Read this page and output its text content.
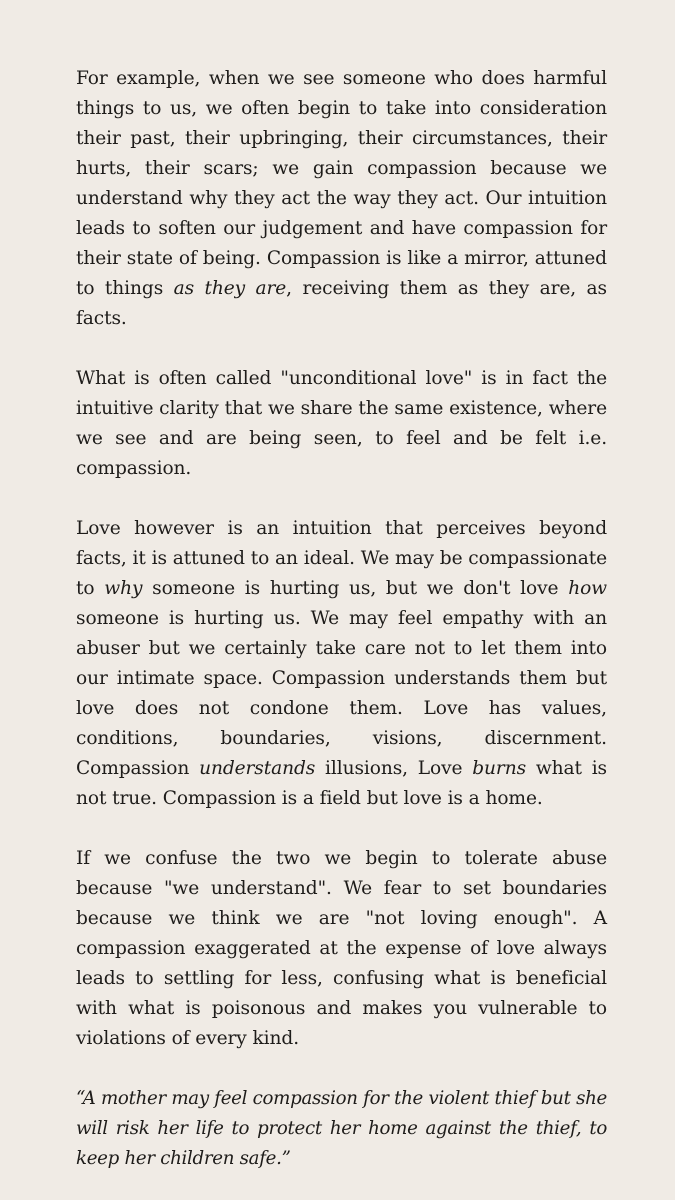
For example, when we see someone who does harmful things to us, we often begin to take into consideration their past, their upbringing, their circumstances, their hurts, their scars; we gain compassion because we understand why they act the way they act. Our intuition leads to soften our judgement and have compassion for their state of being. Compassion is like a mirror, attuned to things as they are, receiving them as they are, as facts.

What is often called "unconditional love" is in fact the intuitive clarity that we share the same existence, where we see and are being seen, to feel and be felt i.e. compassion.

Love however is an intuition that perceives beyond facts, it is attuned to an ideal. We may be compassionate to why someone is hurting us, but we don't love how someone is hurting us. We may feel empathy with an abuser but we certainly take care not to let them into our intimate space. Compassion understands them but love does not condone them. Love has values, conditions, boundaries, visions, discernment. Compassion understands illusions, Love burns what is not true. Compassion is a field but love is a home.

If we confuse the two we begin to tolerate abuse because "we understand". We fear to set boundaries because we think we are "not loving enough". A compassion exaggerated at the expense of love always leads to settling for less, confusing what is beneficial with what is poisonous and makes you vulnerable to violations of every kind.

“A mother may feel compassion for the violent thief but she will risk her life to protect her home against the thief, to keep her children safe.”
